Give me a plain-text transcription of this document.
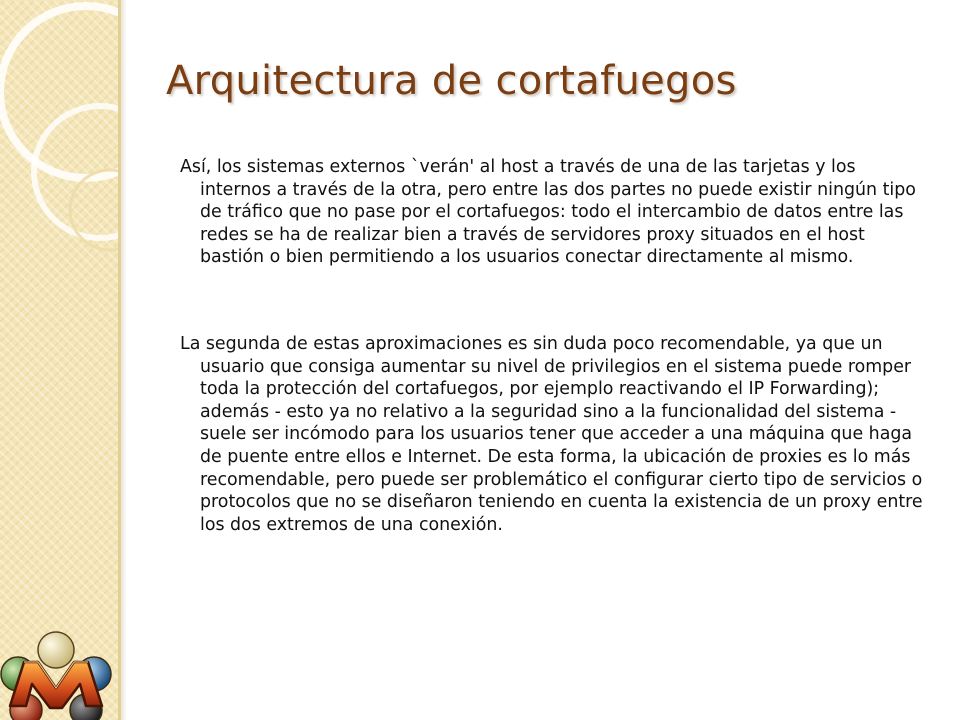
Arquitectura de cortafuegos

Así, los sistemas externos `verán' al host a través de una de las tarjetas y los internos a través de la otra, pero entre las dos partes no puede existir ningún tipo de tráfico que no pase por el cortafuegos: todo el intercambio de datos entre las redes se ha de realizar bien a través de servidores proxy situados en el host bastión o bien permitiendo a los usuarios conectar directamente al mismo.

La segunda de estas aproximaciones es sin duda poco recomendable, ya que un usuario que consiga aumentar su nivel de privilegios en el sistema puede romper toda la protección del cortafuegos, por ejemplo reactivando el IP Forwarding); además - esto ya no relativo a la seguridad sino a la funcionalidad del sistema - suele ser incómodo para los usuarios tener que acceder a una máquina que haga de puente entre ellos e Internet. De esta forma, la ubicación de proxies es lo más recomendable, pero puede ser problemático el configurar cierto tipo de servicios o protocolos que no se diseñaron teniendo en cuenta la existencia de un proxy entre los dos extremos de una conexión.
